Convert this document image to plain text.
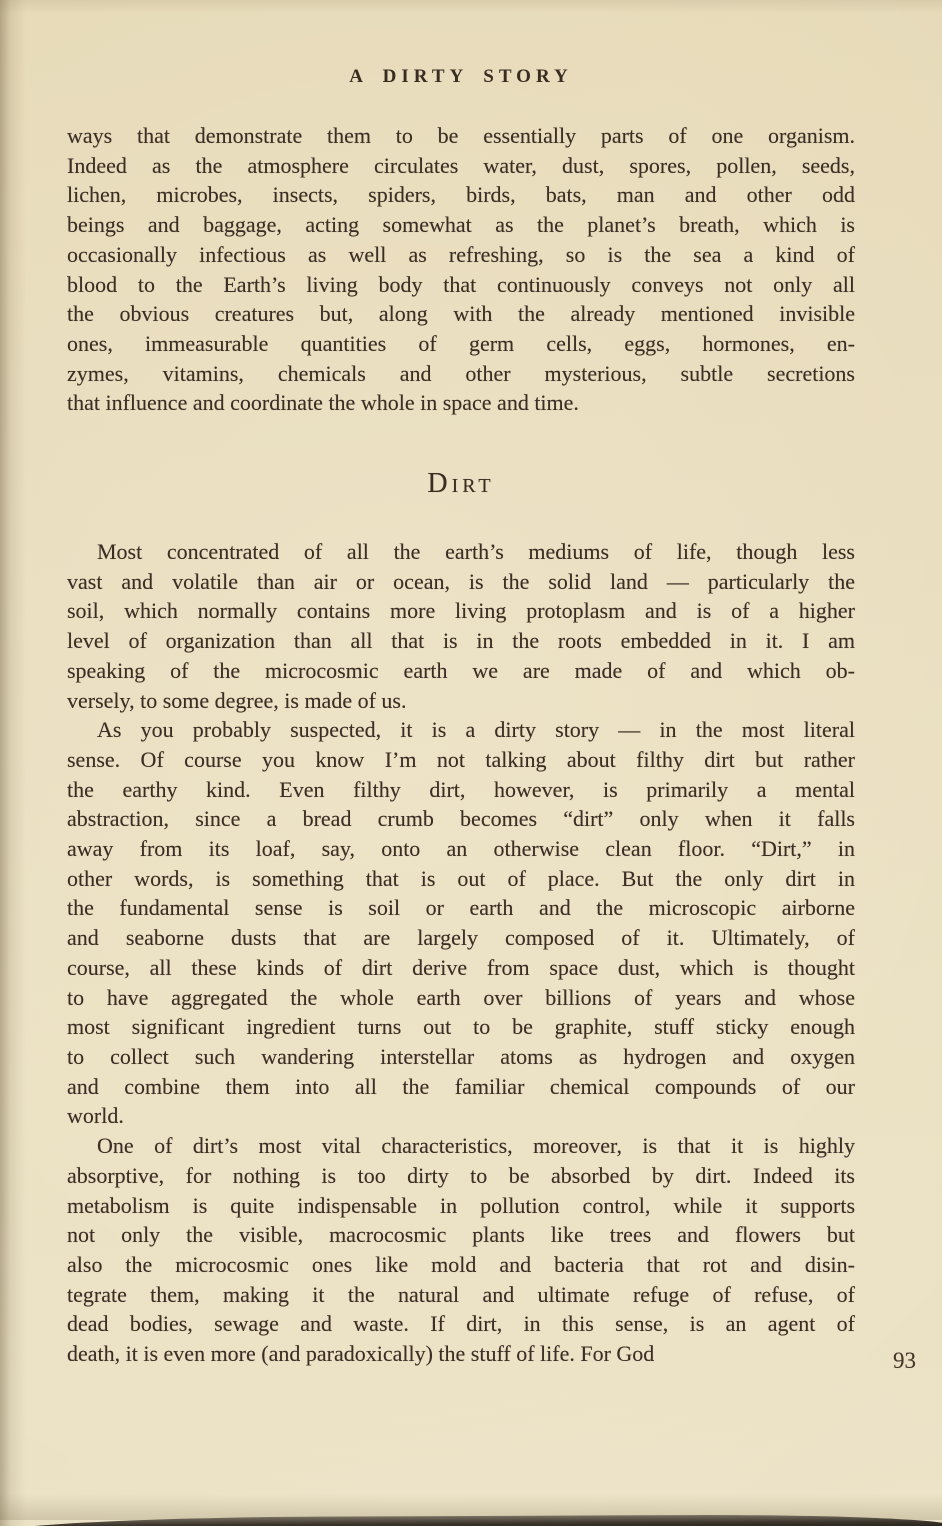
A DIRTY STORY
ways that demonstrate them to be essentially parts of one organism.
Indeed as the atmosphere circulates water, dust, spores, pollen, seeds,
lichen, microbes, insects, spiders, birds, bats, man and other odd
beings and baggage, acting somewhat as the planet’s breath, which is
occasionally infectious as well as refreshing, so is the sea a kind of
blood to the Earth’s living body that continuously conveys not only all
the obvious creatures but, along with the already mentioned invisible
ones, immeasurable quantities of germ cells, eggs, hormones, en-
zymes, vitamins, chemicals and other mysterious, subtle secretions
that influence and coordinate the whole in space and time.
Dirt
Most concentrated of all the earth’s mediums of life, though less
vast and volatile than air or ocean, is the solid land — particularly the
soil, which normally contains more living protoplasm and is of a higher
level of organization than all that is in the roots embedded in it. I am
speaking of the microcosmic earth we are made of and which ob-
versely, to some degree, is made of us.
As you probably suspected, it is a dirty story — in the most literal
sense. Of course you know I’m not talking about filthy dirt but rather
the earthy kind. Even filthy dirt, however, is primarily a mental
abstraction, since a bread crumb becomes “dirt” only when it falls
away from its loaf, say, onto an otherwise clean floor. “Dirt,” in
other words, is something that is out of place. But the only dirt in
the fundamental sense is soil or earth and the microscopic airborne
and seaborne dusts that are largely composed of it. Ultimately, of
course, all these kinds of dirt derive from space dust, which is thought
to have aggregated the whole earth over billions of years and whose
most significant ingredient turns out to be graphite, stuff sticky enough
to collect such wandering interstellar atoms as hydrogen and oxygen
and combine them into all the familiar chemical compounds of our
world.
One of dirt’s most vital characteristics, moreover, is that it is highly
absorptive, for nothing is too dirty to be absorbed by dirt. Indeed its
metabolism is quite indispensable in pollution control, while it supports
not only the visible, macrocosmic plants like trees and flowers but
also the microcosmic ones like mold and bacteria that rot and disin-
tegrate them, making it the natural and ultimate refuge of refuse, of
dead bodies, sewage and waste. If dirt, in this sense, is an agent of
death, it is even more (and paradoxically) the stuff of life. For God	93
